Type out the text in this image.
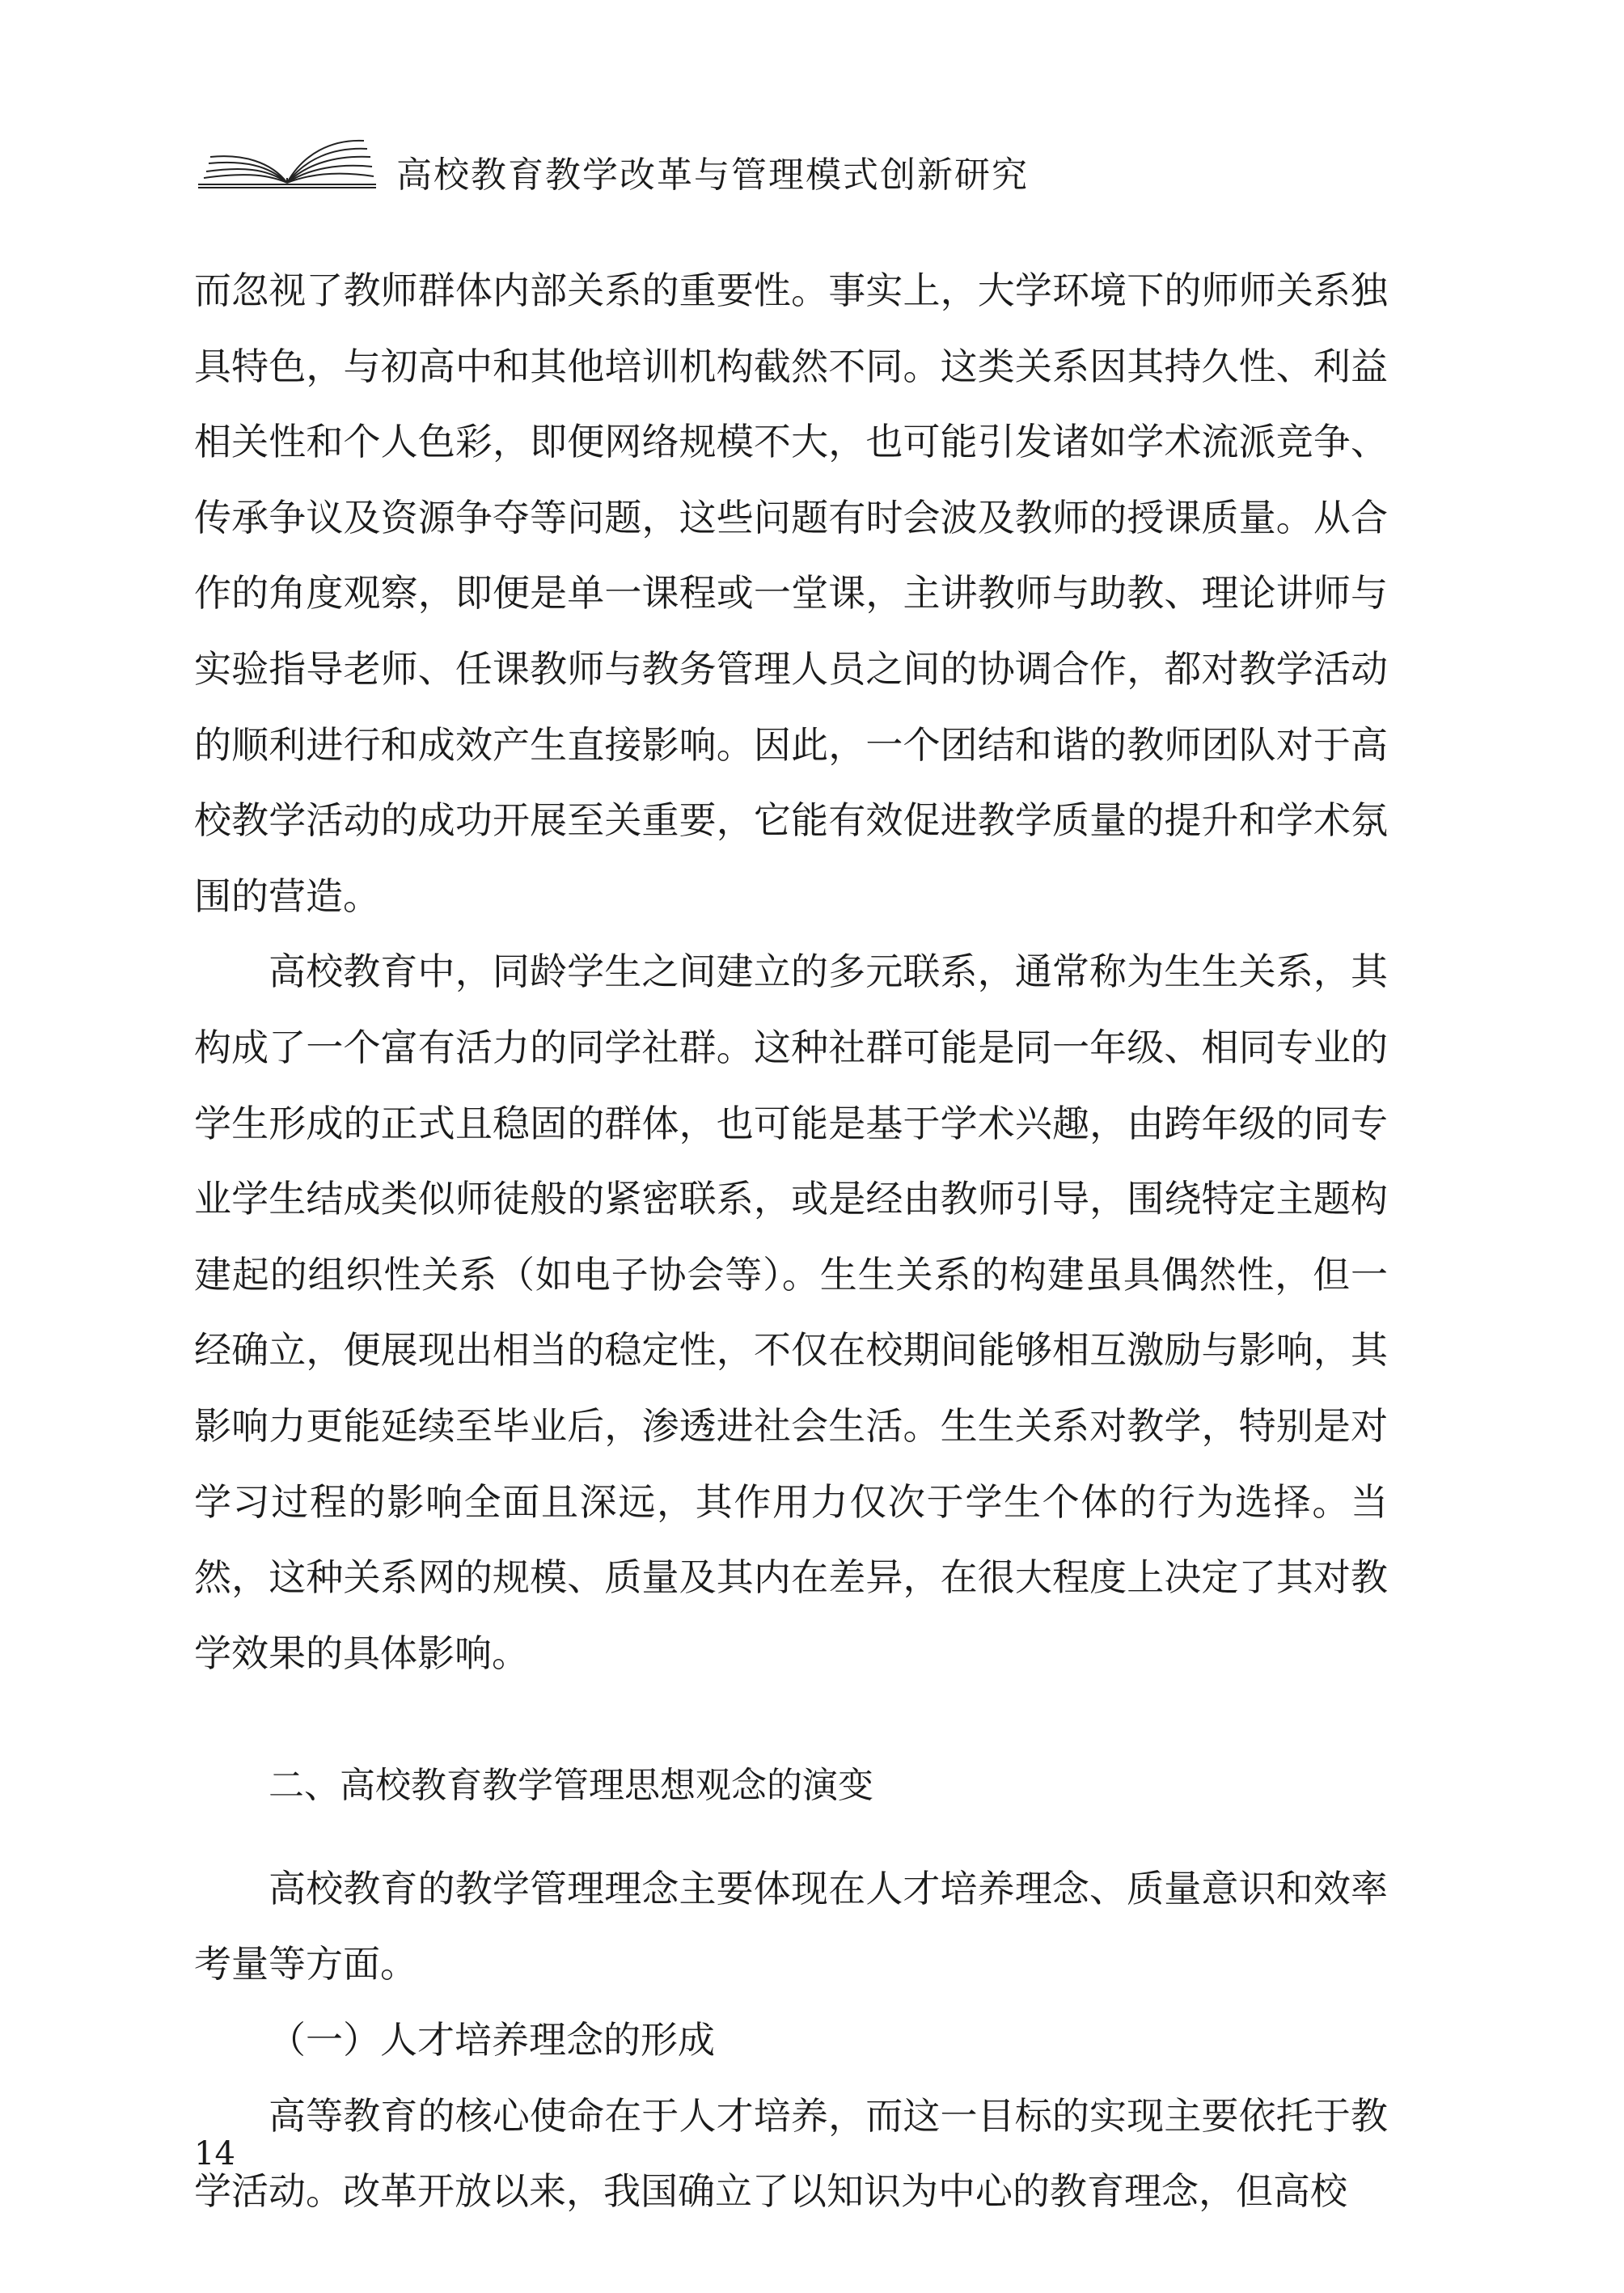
高校教育教学改革与管理模式创新研究

而忽视了教师群体内部关系的重要性。事实上，大学环境下的师师关系独具特色，与初高中和其他培训机构截然不同。这类关系因其持久性、利益相关性和个人色彩，即便网络规模不大，也可能引发诸如学术流派竞争、传承争议及资源争夺等问题，这些问题有时会波及教师的授课质量。从合作的角度观察，即便是单一课程或一堂课，主讲教师与助教、理论讲师与实验指导老师、任课教师与教务管理人员之间的协调合作，都对教学活动的顺利进行和成效产生直接影响。因此，一个团结和谐的教师团队对于高校教学活动的成功开展至关重要，它能有效促进教学质量的提升和学术氛围的营造。

高校教育中，同龄学生之间建立的多元联系，通常称为生生关系，其构成了一个富有活力的同学社群。这种社群可能是同一年级、相同专业的学生形成的正式且稳固的群体，也可能是基于学术兴趣，由跨年级的同专业学生结成类似师徒般的紧密联系，或是经由教师引导，围绕特定主题构建起的组织性关系（如电子协会等）。生生关系的构建虽具偶然性，但一经确立，便展现出相当的稳定性，不仅在校期间能够相互激励与影响，其影响力更能延续至毕业后，渗透进社会生活。生生关系对教学，特别是对学习过程的影响全面且深远，其作用力仅次于学生个体的行为选择。当然，这种关系网的规模、质量及其内在差异，在很大程度上决定了其对教学效果的具体影响。

二、高校教育教学管理思想观念的演变

高校教育的教学管理理念主要体现在人才培养理念、质量意识和效率考量等方面。

（一）人才培养理念的形成

高等教育的核心使命在于人才培养，而这一目标的实现主要依托于教学活动。改革开放以来，我国确立了以知识为中心的教育理念，但高校

14
